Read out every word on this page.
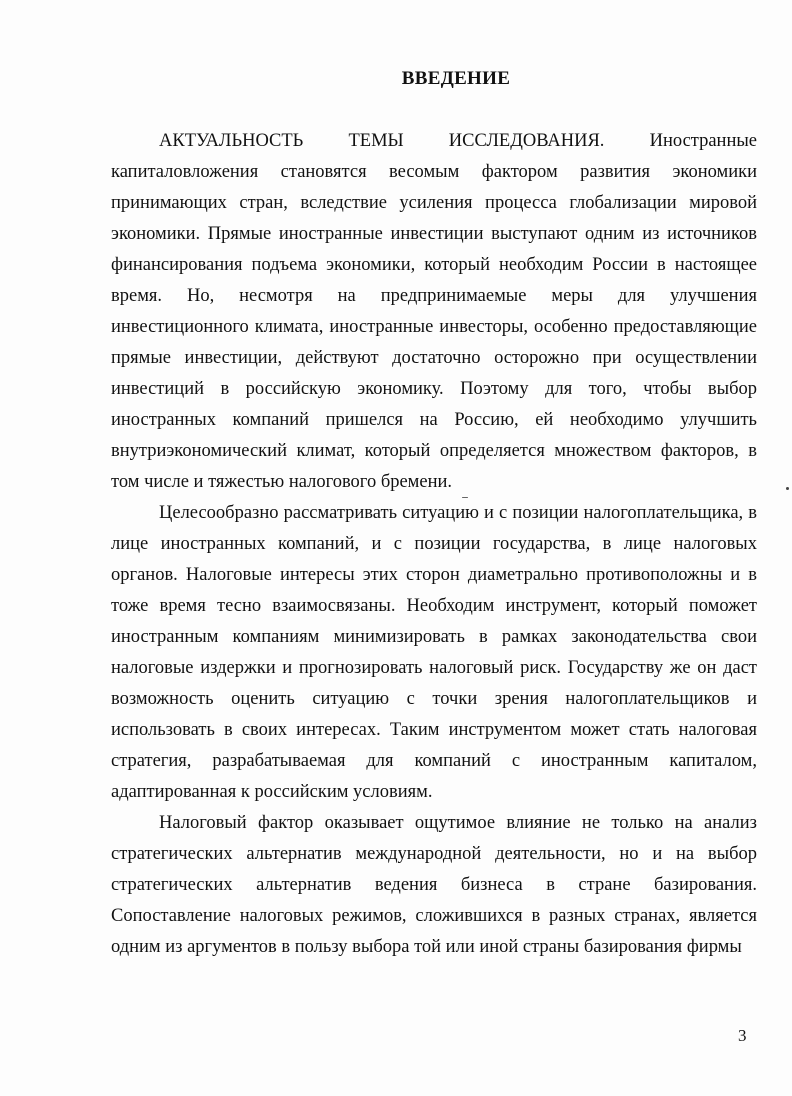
ВВЕДЕНИЕ

АКТУАЛЬНОСТЬ ТЕМЫ ИССЛЕДОВАНИЯ. Иностранные капиталовложения становятся весомым фактором развития экономики принимающих стран, вследствие усиления процесса глобализации мировой экономики. Прямые иностранные инвестиции выступают одним из источников финансирования подъема экономики, который необходим России в настоящее время. Но, несмотря на предпринимаемые меры для улучшения инвестиционного климата, иностранные инвесторы, особенно предоставляющие прямые инвестиции, действуют достаточно осторожно при осуществлении инвестиций в российскую экономику. Поэтому для того, чтобы выбор иностранных компаний пришелся на Россию, ей необходимо улучшить внутриэкономический климат, который определяется множеством факторов, в том числе и тяжестью налогового бремени.

Целесообразно рассматривать ситуацию и с позиции налогоплательщика, в лице иностранных компаний, и с позиции государства, в лице налоговых органов. Налоговые интересы этих сторон диаметрально противоположны и в тоже время тесно взаимосвязаны. Необходим инструмент, который поможет иностранным компаниям минимизировать в рамках законодательства свои налоговые издержки и прогнозировать налоговый риск. Государству же он даст возможность оценить ситуацию с точки зрения налогоплательщиков и использовать в своих интересах. Таким инструментом может стать налоговая стратегия, разрабатываемая для компаний с иностранным капиталом, адаптированная к российским условиям.

Налоговый фактор оказывает ощутимое влияние не только на анализ стратегических альтернатив международной деятельности, но и на выбор стратегических альтернатив ведения бизнеса в стране базирования. Сопоставление налоговых режимов, сложившихся в разных странах, является одним из аргументов в пользу выбора той или иной страны базирования фирмы

3
